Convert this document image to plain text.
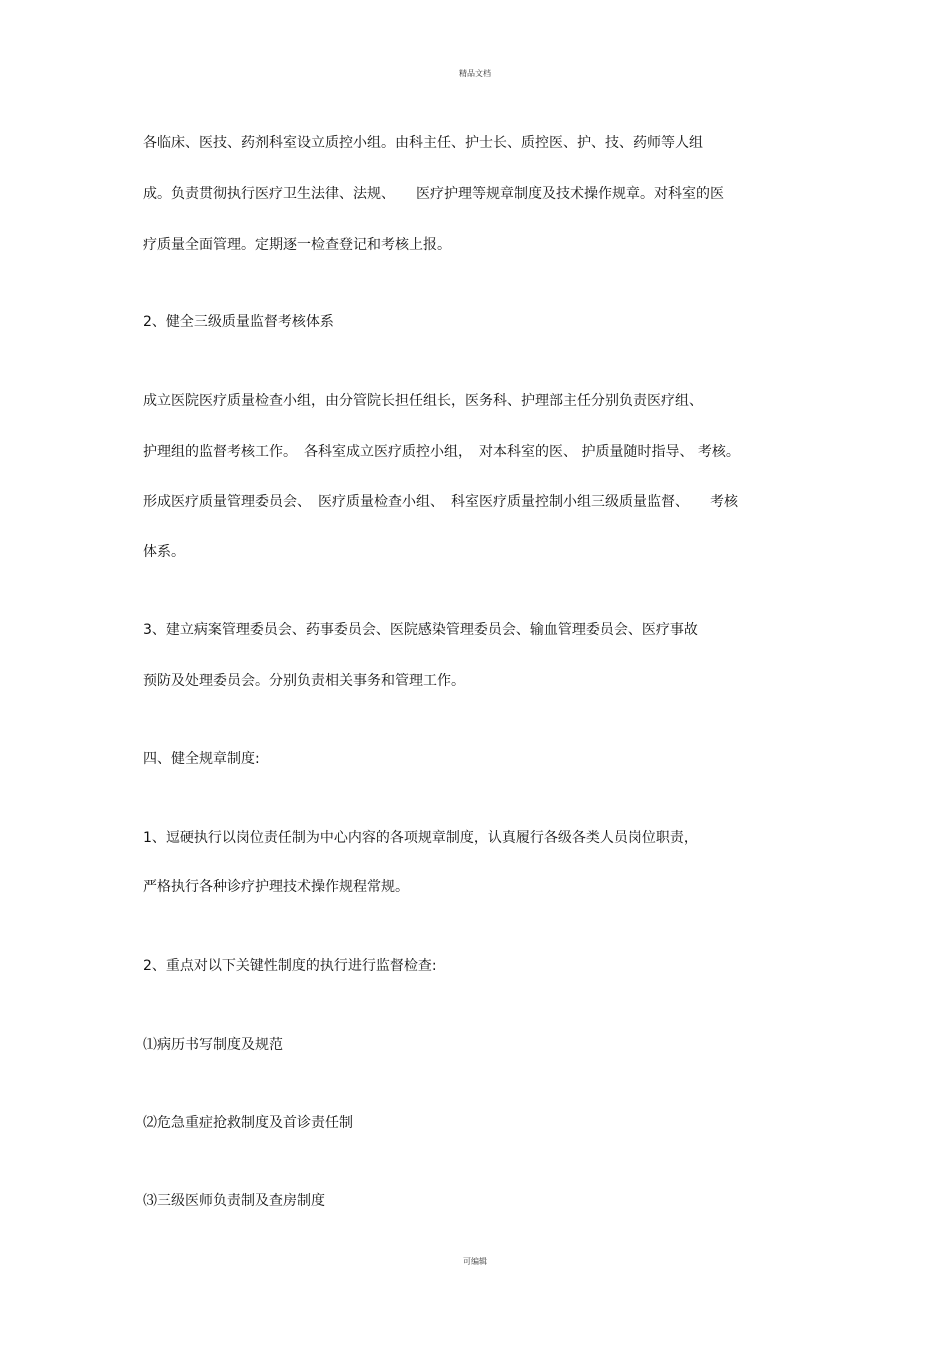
精品文档
各临床、医技、药剂科室设立质控小组。由科主任、护士长、质控医、护、技、药师等人组
成。负责贯彻执行医疗卫生法律、法规、　　医疗护理等规章制度及技术操作规章。对科室的医
疗质量全面管理。定期逐一检查登记和考核上报。
2、健全三级质量监督考核体系
成立医院医疗质量检查小组，由分管院长担任组长，医务科、护理部主任分别负责医疗组、
护理组的监督考核工作。　各科室成立医疗质控小组，　对本科室的医、 护质量随时指导、 考核。
形成医疗质量管理委员会、　医疗质量检查小组、　科室医疗质量控制小组三级质量监督、　　考核
体系。
3、建立病案管理委员会、药事委员会、医院感染管理委员会、输血管理委员会、医疗事故
预防及处理委员会。分别负责相关事务和管理工作。
四、健全规章制度:
1、逗硬执行以岗位责任制为中心内容的各项规章制度，认真履行各级各类人员岗位职责，
严格执行各种诊疗护理技术操作规程常规。
2、重点对以下关键性制度的执行进行监督检查:
⑴病历书写制度及规范
⑵危急重症抢救制度及首诊责任制
⑶三级医师负责制及查房制度
可编辑
